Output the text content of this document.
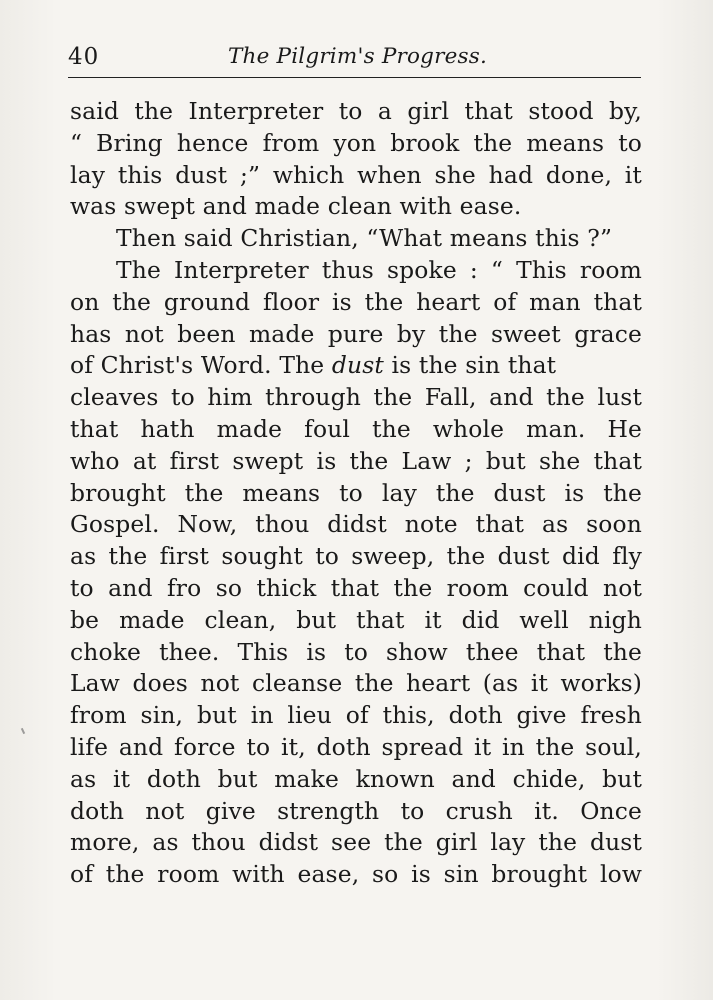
40	The Pilgrim's Progress.
said the Interpreter to a girl that stood by,
“ Bring hence from yon brook the means to
lay this dust ;” which when she had done, it
was swept and made clean with ease.
Then said Christian, “What means this ?”
The Interpreter thus spoke : “ This room
on the ground floor is the heart of man that
has not been made pure by the sweet grace
of Christ's Word. The dust is the sin that
cleaves to him through the Fall, and the lust
that hath made foul the whole man. He
who at first swept is the Law ; but she that
brought the means to lay the dust is the
Gospel. Now, thou didst note that as soon
as the first sought to sweep, the dust did fly
to and fro so thick that the room could not
be made clean, but that it did well nigh
choke thee. This is to show thee that the
Law does not cleanse the heart (as it works)
from sin, but in lieu of this, doth give fresh
life and force to it, doth spread it in the soul,
as it doth but make known and chide, but
doth not give strength to crush it. Once
more, as thou didst see the girl lay the dust
of the room with ease, so is sin brought low
